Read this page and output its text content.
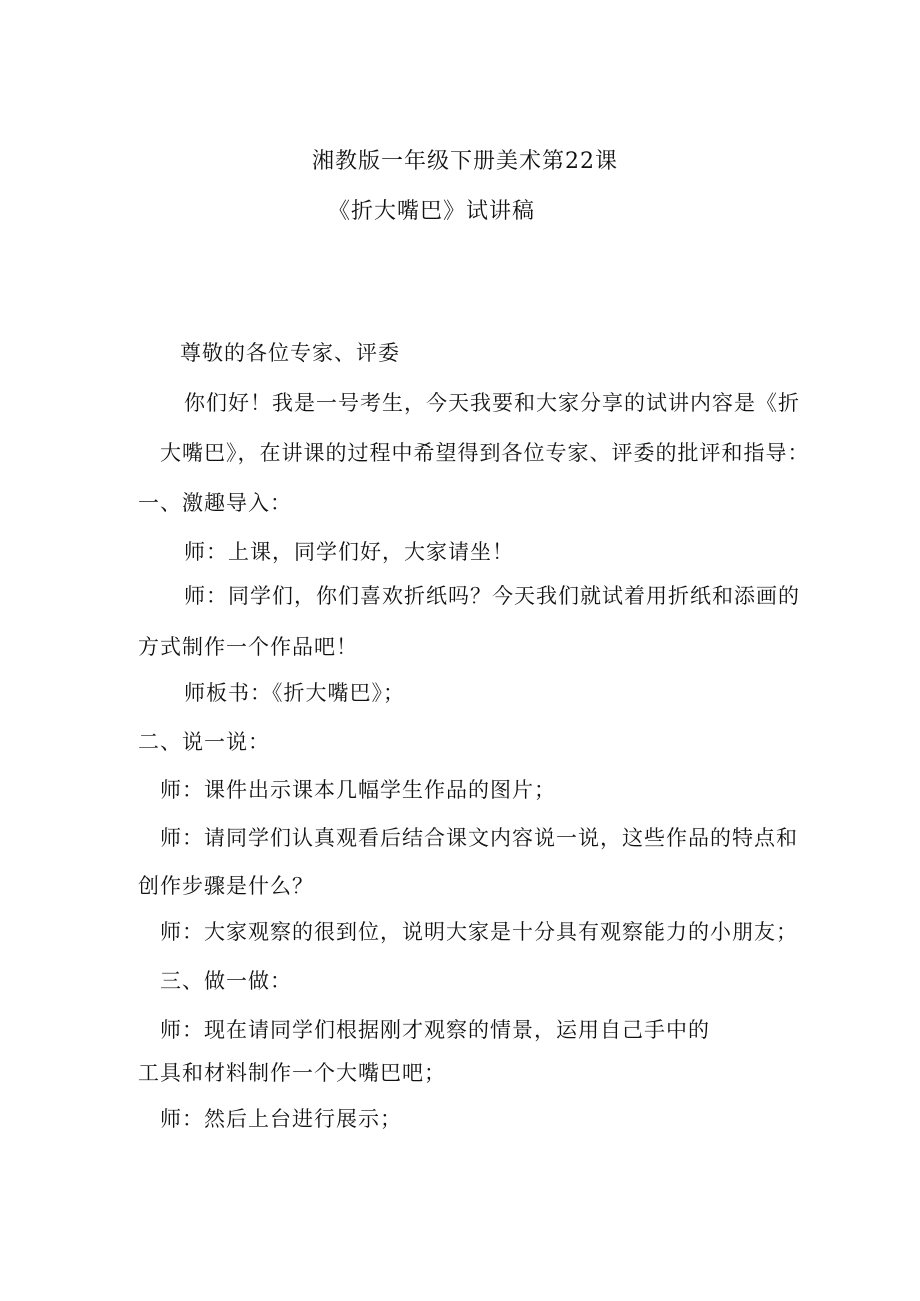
湘教版一年级下册美术第22课
《折大嘴巴》试讲稿
尊敬的各位专家、评委
你们好！我是一号考生，今天我要和大家分享的试讲内容是《折
大嘴巴》，在讲课的过程中希望得到各位专家、评委的批评和指导：
一、激趣导入：
师：上课，同学们好，大家请坐！
师：同学们，你们喜欢折纸吗？今天我们就试着用折纸和添画的
方式制作一个作品吧！
师板书：《折大嘴巴》；
二、说一说：
师：课件出示课本几幅学生作品的图片；
师：请同学们认真观看后结合课文内容说一说，这些作品的特点和
创作步骤是什么？
师：大家观察的很到位，说明大家是十分具有观察能力的小朋友；
三、做一做：
师：现在请同学们根据刚才观察的情景，运用自己手中的
工具和材料制作一个大嘴巴吧；
师：然后上台进行展示；
